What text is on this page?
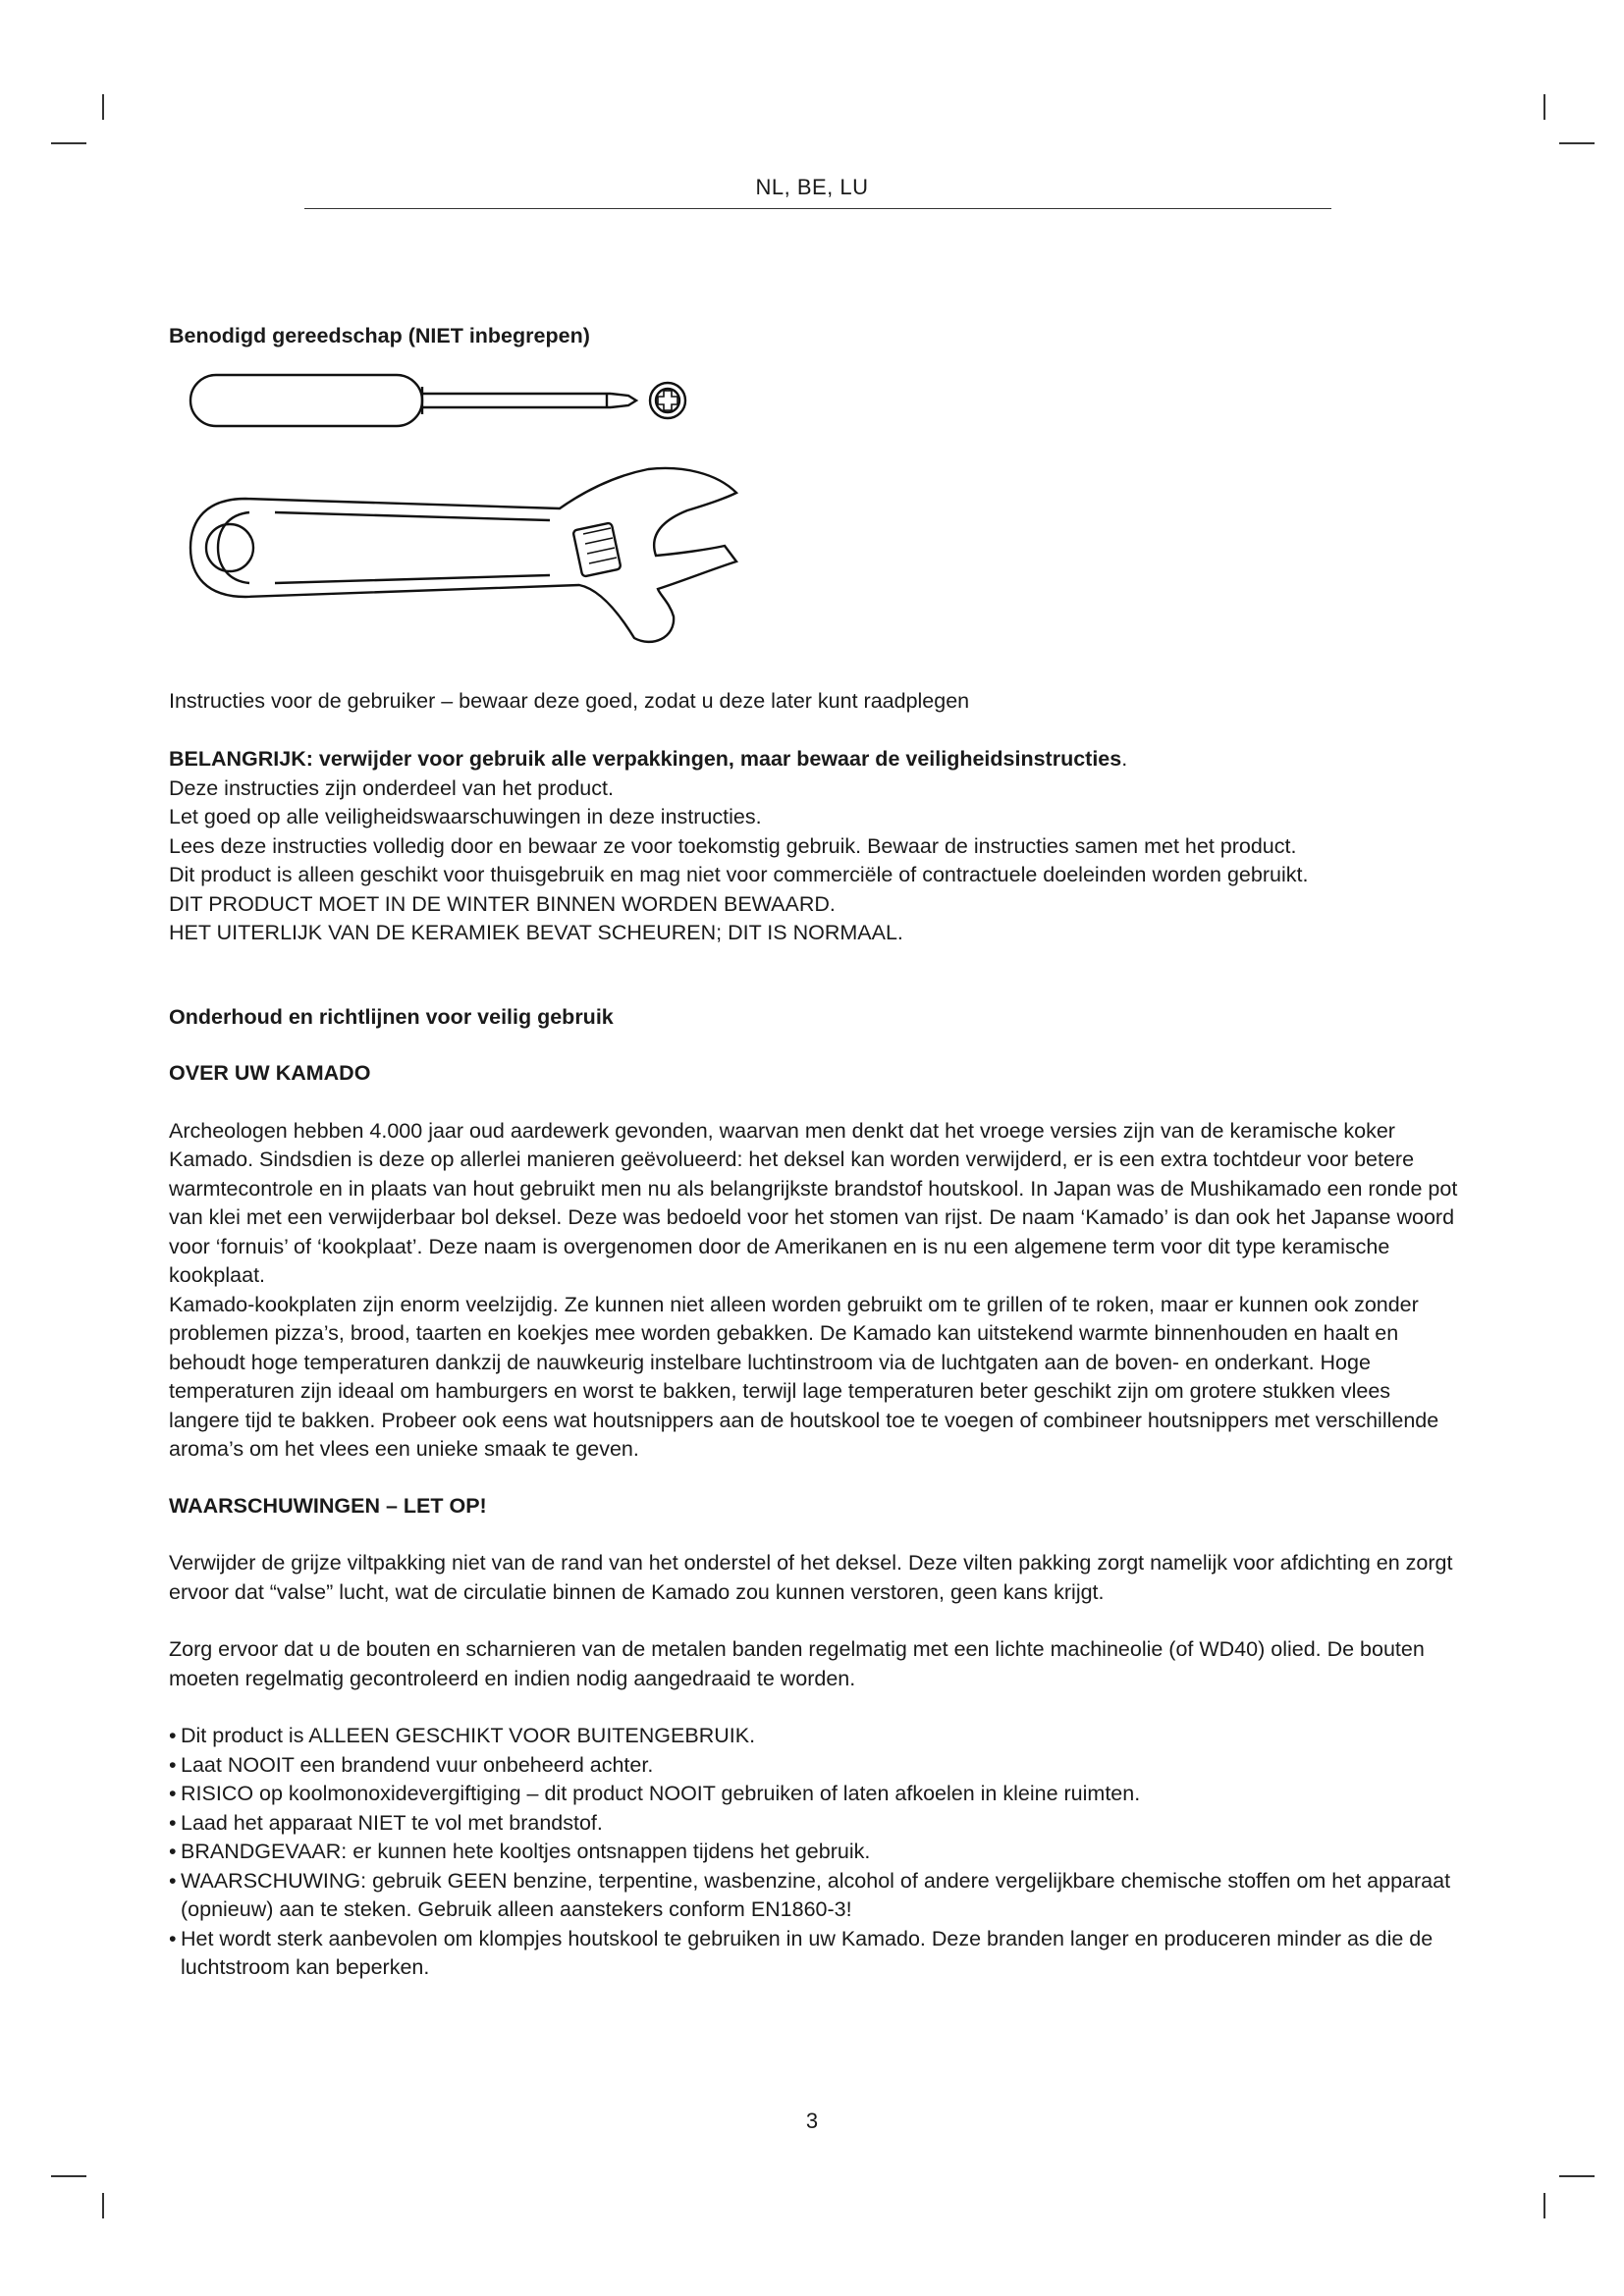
NL, BE, LU

Benodigd gereedschap (NIET inbegrepen)

Instructies voor de gebruiker – bewaar deze goed, zodat u deze later kunt raadplegen

BELANGRIJK: verwijder voor gebruik alle verpakkingen, maar bewaar de veiligheidsinstructies.

Deze instructies zijn onderdeel van het product.

Let goed op alle veiligheidswaarschuwingen in deze instructies.

Lees deze instructies volledig door en bewaar ze voor toekomstig gebruik. Bewaar de instructies samen met het product.

Dit product is alleen geschikt voor thuisgebruik en mag niet voor commerciële of contractuele doeleinden worden gebruikt.

DIT PRODUCT MOET IN DE WINTER BINNEN WORDEN BEWAARD.

HET UITERLIJK VAN DE KERAMIEK BEVAT SCHEUREN; DIT IS NORMAAL.

Onderhoud en richtlijnen voor veilig gebruik

OVER UW KAMADO

Archeologen hebben 4.000 jaar oud aardewerk gevonden, waarvan men denkt dat het vroege versies zijn van de keramische koker Kamado. Sindsdien is deze op allerlei manieren geëvolueerd: het deksel kan worden verwijderd, er is een extra tochtdeur voor betere warmtecontrole en in plaats van hout gebruikt men nu als belangrijkste brandstof houtskool. In Japan was de Mushikamado een ronde pot van klei met een verwijderbaar bol deksel. Deze was bedoeld voor het stomen van rijst. De naam ‘Kamado’ is dan ook het Japanse woord voor ‘fornuis’ of ‘kookplaat’. Deze naam is overgenomen door de Amerikanen en is nu een algemene term voor dit type keramische kookplaat.

Kamado-kookplaten zijn enorm veelzijdig. Ze kunnen niet alleen worden gebruikt om te grillen of te roken, maar er kunnen ook zonder problemen pizza’s, brood, taarten en koekjes mee worden gebakken. De Kamado kan uitstekend warmte binnenhouden en haalt en behoudt hoge temperaturen dankzij de nauwkeurig instelbare luchtinstroom via de luchtgaten aan de boven- en onderkant. Hoge temperaturen zijn ideaal om hamburgers en worst te bakken, terwijl lage temperaturen beter geschikt zijn om grotere stukken vlees langere tijd te bakken. Probeer ook eens wat houtsnippers aan de houtskool toe te voegen of combineer houtsnippers met verschillende aroma’s om het vlees een unieke smaak te geven.

WAARSCHUWINGEN – LET OP!

Verwijder de grijze viltpakking niet van de rand van het onderstel of het deksel. Deze vilten pakking zorgt namelijk voor afdichting en zorgt ervoor dat “valse” lucht, wat de circulatie binnen de Kamado zou kunnen verstoren, geen kans krijgt.

Zorg ervoor dat u de bouten en scharnieren van de metalen banden regelmatig met een lichte machineolie (of WD40) olied. De bouten moeten regelmatig gecontroleerd en indien nodig aangedraaid te worden.

• Dit product is ALLEEN GESCHIKT VOOR BUITENGEBRUIK.
• Laat NOOIT een brandend vuur onbeheerd achter.
• RISICO op koolmonoxidevergiftiging – dit product NOOIT gebruiken of laten afkoelen in kleine ruimten.
• Laad het apparaat NIET te vol met brandstof.
• BRANDGEVAAR: er kunnen hete kooltjes ontsnappen tijdens het gebruik.
• WAARSCHUWING: gebruik GEEN benzine, terpentine, wasbenzine, alcohol of andere vergelijkbare chemische stoffen om het apparaat (opnieuw) aan te steken. Gebruik alleen aanstekers conform EN1860-3!
• Het wordt sterk aanbevolen om klompjes houtskool te gebruiken in uw Kamado. Deze branden langer en produceren minder as die de luchtstroom kan beperken.
3
